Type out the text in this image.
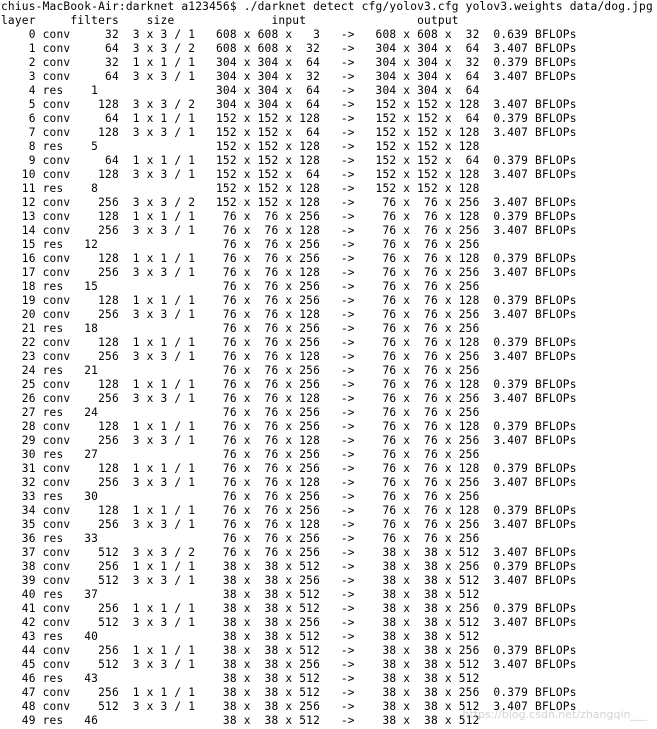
chius-MacBook-Air:darknet a123456$ ./darknet detect cfg/yolov3.cfg yolov3.weights data/dog.jpg
layer     filters    size              input                output
0 conv     32  3 x 3 / 1   608 x 608 x   3   ->   608 x 608 x  32  0.639 BFLOPs
1 conv     64  3 x 3 / 2   608 x 608 x  32   ->   304 x 304 x  64  3.407 BFLOPs
2 conv     32  1 x 1 / 1   304 x 304 x  64   ->   304 x 304 x  32  0.379 BFLOPs
3 conv     64  3 x 3 / 1   304 x 304 x  32   ->   304 x 304 x  64  3.407 BFLOPs
4 res    1                 304 x 304 x  64   ->   304 x 304 x  64
5 conv    128  3 x 3 / 2   304 x 304 x  64   ->   152 x 152 x 128  3.407 BFLOPs
6 conv     64  1 x 1 / 1   152 x 152 x 128   ->   152 x 152 x  64  0.379 BFLOPs
7 conv    128  3 x 3 / 1   152 x 152 x  64   ->   152 x 152 x 128  3.407 BFLOPs
8 res    5                 152 x 152 x 128   ->   152 x 152 x 128
9 conv     64  1 x 1 / 1   152 x 152 x 128   ->   152 x 152 x  64  0.379 BFLOPs
10 conv    128  3 x 3 / 1   152 x 152 x  64   ->   152 x 152 x 128  3.407 BFLOPs
11 res    8                 152 x 152 x 128   ->   152 x 152 x 128
12 conv    256  3 x 3 / 2   152 x 152 x 128   ->    76 x  76 x 256  3.407 BFLOPs
13 conv    128  1 x 1 / 1    76 x  76 x 256   ->    76 x  76 x 128  0.379 BFLOPs
14 conv    256  3 x 3 / 1    76 x  76 x 128   ->    76 x  76 x 256  3.407 BFLOPs
15 res   12                  76 x  76 x 256   ->    76 x  76 x 256
16 conv    128  1 x 1 / 1    76 x  76 x 256   ->    76 x  76 x 128  0.379 BFLOPs
17 conv    256  3 x 3 / 1    76 x  76 x 128   ->    76 x  76 x 256  3.407 BFLOPs
18 res   15                  76 x  76 x 256   ->    76 x  76 x 256
19 conv    128  1 x 1 / 1    76 x  76 x 256   ->    76 x  76 x 128  0.379 BFLOPs
20 conv    256  3 x 3 / 1    76 x  76 x 128   ->    76 x  76 x 256  3.407 BFLOPs
21 res   18                  76 x  76 x 256   ->    76 x  76 x 256
22 conv    128  1 x 1 / 1    76 x  76 x 256   ->    76 x  76 x 128  0.379 BFLOPs
23 conv    256  3 x 3 / 1    76 x  76 x 128   ->    76 x  76 x 256  3.407 BFLOPs
24 res   21                  76 x  76 x 256   ->    76 x  76 x 256
25 conv    128  1 x 1 / 1    76 x  76 x 256   ->    76 x  76 x 128  0.379 BFLOPs
26 conv    256  3 x 3 / 1    76 x  76 x 128   ->    76 x  76 x 256  3.407 BFLOPs
27 res   24                  76 x  76 x 256   ->    76 x  76 x 256
28 conv    128  1 x 1 / 1    76 x  76 x 256   ->    76 x  76 x 128  0.379 BFLOPs
29 conv    256  3 x 3 / 1    76 x  76 x 128   ->    76 x  76 x 256  3.407 BFLOPs
30 res   27                  76 x  76 x 256   ->    76 x  76 x 256
31 conv    128  1 x 1 / 1    76 x  76 x 256   ->    76 x  76 x 128  0.379 BFLOPs
32 conv    256  3 x 3 / 1    76 x  76 x 128   ->    76 x  76 x 256  3.407 BFLOPs
33 res   30                  76 x  76 x 256   ->    76 x  76 x 256
34 conv    128  1 x 1 / 1    76 x  76 x 256   ->    76 x  76 x 128  0.379 BFLOPs
35 conv    256  3 x 3 / 1    76 x  76 x 128   ->    76 x  76 x 256  3.407 BFLOPs
36 res   33                  76 x  76 x 256   ->    76 x  76 x 256
37 conv    512  3 x 3 / 2    76 x  76 x 256   ->    38 x  38 x 512  3.407 BFLOPs
38 conv    256  1 x 1 / 1    38 x  38 x 512   ->    38 x  38 x 256  0.379 BFLOPs
39 conv    512  3 x 3 / 1    38 x  38 x 256   ->    38 x  38 x 512  3.407 BFLOPs
40 res   37                  38 x  38 x 512   ->    38 x  38 x 512
41 conv    256  1 x 1 / 1    38 x  38 x 512   ->    38 x  38 x 256  0.379 BFLOPs
42 conv    512  3 x 3 / 1    38 x  38 x 256   ->    38 x  38 x 512  3.407 BFLOPs
43 res   40                  38 x  38 x 512   ->    38 x  38 x 512
44 conv    256  1 x 1 / 1    38 x  38 x 512   ->    38 x  38 x 256  0.379 BFLOPs
45 conv    512  3 x 3 / 1    38 x  38 x 256   ->    38 x  38 x 512  3.407 BFLOPs
46 res   43                  38 x  38 x 512   ->    38 x  38 x 512
47 conv    256  1 x 1 / 1    38 x  38 x 512   ->    38 x  38 x 256  0.379 BFLOPs
48 conv    512  3 x 3 / 1    38 x  38 x 256   ->    38 x  38 x 512  3.407 BFLOPs
49 res   46                  38 x  38 x 512   ->    38 x  38 x 512
https://blog.csdn.net/zhangqin___
